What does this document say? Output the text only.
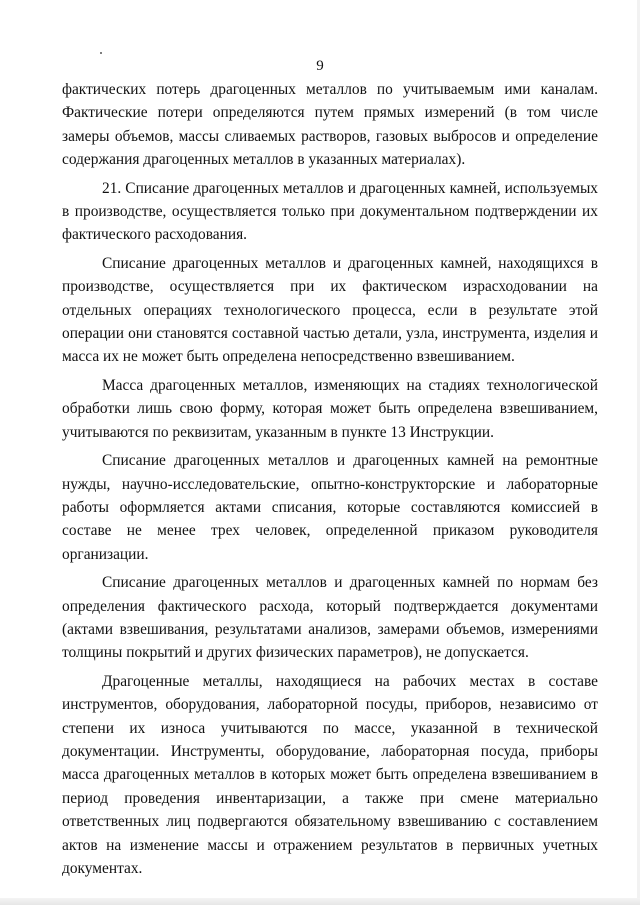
9

фактических потерь драгоценных металлов по учитываемым ими каналам. Фактические потери определяются путем прямых измерений (в том числе замеры объемов, массы сливаемых растворов, газовых выбросов и определение содержания драгоценных металлов в указанных материалах).

21. Списание драгоценных металлов и драгоценных камней, используемых в производстве, осуществляется только при документальном подтверждении их фактического расходования.

Списание драгоценных металлов и драгоценных камней, находящихся в производстве, осуществляется при их фактическом израсходовании на отдельных операциях технологического процесса, если в результате этой операции они становятся составной частью детали, узла, инструмента, изделия и масса их не может быть определена непосредственно взвешиванием.

Масса драгоценных металлов, изменяющих на стадиях технологической обработки лишь свою форму, которая может быть определена взвешиванием, учитываются по реквизитам, указанным в пункте 13 Инструкции.

Списание драгоценных металлов и драгоценных камней на ремонтные нужды, научно-исследовательские, опытно-конструкторские и лабораторные работы оформляется актами списания, которые составляются комиссией в составе не менее трех человек, определенной приказом руководителя организации.

Списание драгоценных металлов и драгоценных камней по нормам без определения фактического расхода, который подтверждается документами (актами взвешивания, результатами анализов, замерами объемов, измерениями толщины покрытий и других физических параметров), не допускается.

Драгоценные металлы, находящиеся на рабочих местах в составе инструментов, оборудования, лабораторной посуды, приборов, независимо от степени их износа учитываются по массе, указанной в технической документации. Инструменты, оборудование, лабораторная посуда, приборы масса драгоценных металлов в которых может быть определена взвешиванием в период проведения инвентаризации, а также при смене материально ответственных лиц подвергаются обязательному взвешиванию с составлением актов на изменение массы и отражением результатов в первичных учетных документах.
